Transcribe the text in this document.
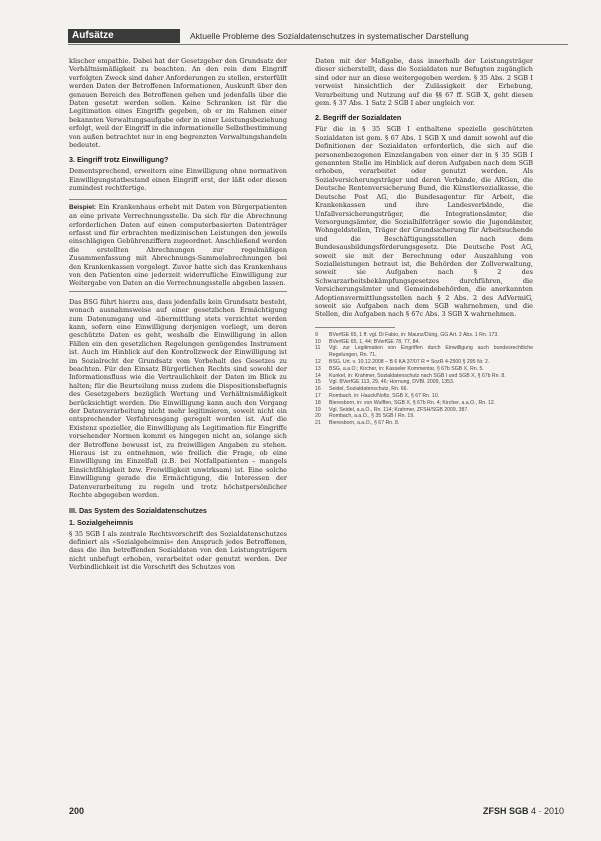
Aufsätze	Aktuelle Probleme des Sozialdatenschutzes in systematischer Darstellung

klischer empathie. Dabei hat der Gesetzgeber den Grundsatz der Verhältnismäßigkeit zu beachten. An den rein dem Eingriff verfolgten Zweck sind daher Anforderungen zu stellen, ersterfüllt werden Daten der Betroffenen Informationen, Auskunft über den genauen Bereich des Betroffenen gehen und jedenfalls über die Daten gesetzt werden sollen. Keine Schranken ist für die Legitimation eines Eingriffs gegeben, ob er im Rahmen einer bekannten Verwaltungsaufgabe oder in einer Leistungsbeziehung erfolgt, weil der Eingriff in die informationelle Selbstbestimmung von außen betrachtet nur in eng begrenzten Verwaltungshandeln bedeutet.

3. Eingriff trotz Einwilligung?

Dementsprechend, erweitern eine Einwilligung ohne normativen Einwilligungstatbestand einen Eingriff erst, der läßt oder diesen zumindest rechtfertige.

Beispiel: Ein Krankenhaus erhebt mit Daten von Bürgerpatienten an eine private Verrechnungsstelle. Da sich für die Abrechnung erforderlichen Daten auf einen computerbasierten Datenträger erfasst und für erbrachten medizinischen Leistungen den jeweils einschlägigen Gebührenziffern zugeordnet. Anschließend werden die erstellten Abrechnungen zur regelmäßigen Zusammenfassung mit Abrechnungs-Sammelabrechnungen bei den Krankenkassen vorgelegt. Zuvor hatte sich das Krankenhaus von den Patienten eine jederzeit widerrufliche Einwilligung zur Weitergabe von Daten an die Verrechnungsstelle abgeben lassen.

Das BSG führt hierzu aus, dass jedenfalls kein Grundsatz besteht, wonach ausnahmsweise auf einer gesetzlichen Ermächtigung zum Datenumgang und -übermittlung stets verzichtet werden kann, sofern eine Einwilligung derjenigen vorliegt, um deren geschützte Daten es geht, weshalb die Einwilligung in allen Fällen ein den gesetzlichen Regelungen genügendes Instrument ist. Auch im Hinblick auf den Kontrollzweck der Einwilligung ist im Sozialrecht der Grundsatz vom Vorbehalt des Gesetzes zu beachten. Für den Einsatz Bürgerlichen Rechts sind sowohl der Informationsfluss wie die Vertraulichkeit der Daten im Blick zu halten; für die Beurteilung muss zudem die Dispositionsbefugnis des Gesetzgebers bezüglich Wertung und Verhältnismäßigkeit berücksichtigt werden. Die Einwilligung kann auch den Vorgang der Datenverarbeitung nicht mehr legitimieren, soweit nicht ein entsprechender Verfahrensgang geregelt worden ist. Auf die Existenz spezieller, die Einwilligung als Legitimation für Eingriffe vorsehender Normen kommt es hingegen nicht an, solange sich der Betroffene bewusst ist, zu freiwilligen Angaben zu stehen. Hieraus ist zu entnehmen, wie freilich die Frage, ob eine Einwilligung im Einzelfall (z.B. bei Notfallpatienten – mangels Einsichtfähigkeit bzw. Freiwilligkeit unwirksam) ist. Eine solche Einwilligung gerade die Ermächtigung, die Interessen der Datenverarbeitung zu regeln und trotz höchstpersönlicher Rechte abgegeben werden.

III. Das System des Sozialdatenschutzes
1. Sozialgeheimnis

§ 35 SGB I als zentrale Rechtsvorschrift des Sozialdatenschutzes definiert als »Sozialgeheimnis« den Anspruch jedes Betroffenen, dass die ihn betreffenden Sozialdaten von den Leistungsträgern nicht unbefugt erhoben, verarbeitet oder genutzt werden. Der Verbindlichkeit ist die Vorschrift des Schutzes von

Daten mit der Maßgabe, dass innerhalb der Leistungsträger dieser sicherstellt, dass die Sozialdaten nur Befugten zugänglich sind oder nur an diese weitergegeben werden. § 35 Abs. 2 SGB I verweist hinsichtlich der Zulässigkeit der Erhebung, Verarbeitung und Nutzung auf die §§ 67 ff. SGB X, geht diesen gem. § 37 Abs. 1 Satz 2 SGB I aber ungleich vor.

2. Begriff der Sozialdaten

Für die in § 35 SGB I enthaltene spezielle geschützten Sozialdaten ist gem. § 67 Abs. 1 SGB X und damit sowohl auf die Definitionen der Sozialdaten erforderlich, die sich auf die personenbezogenen Einzelangaben von einer der in § 35 SGB I genannten Stelle im Hinblick auf deren Aufgaben nach dem SGB erhoben, verarbeitet oder genutzt werden. Als Sozialversicherungsträger und deren Verbände, die ARGen, die Deutsche Rentenversicherung Bund, die Künstlersozialkasse, die Deutsche Post AG, die Bundesagentur für Arbeit, die Krankenkassen und ihre Landesverbände, die Unfallversicherungsträger, die Integrationsämter, die Versorgungsämter, die Sozialhilfeträger sowie die Jugendämter, Wohngeldstellen, Träger der Grundsicherung für Arbeitsuchende und die Beschäftigungsstellen nach dem Bundesausbildungsförderungsgesetz. Die Deutsche Post AG, soweit sie mit der Berechnung oder Auszahlung von Sozialleistungen betraut ist, die Behörden der Zollverwaltung, soweit sie Aufgaben nach § 2 des Schwarzarbeitsbekämpfungsgesetzes durchführen, die Versicherungsämter und Gemeindebehörden, die anerkannten Adoptionsvermittlungsstellen nach § 2 Abs. 2 des AdVermiG, soweit sie Aufgaben nach dem SGB wahrnehmen, und die Stellen, die Aufgaben nach § 67c Abs. 3 SGB X wahrnehmen.

9	BVerfGE 65, 1 ff. vgl. Di Fabio, in: Maunz/Dürig, GG Art. 2 Abs. 1 Rn. 173.
10	BVerfGE 65, 1, 44; BVerfGE 78, 77, 84.
11	Vgl. zur Legitimation von Eingriffen durch Einwilligung auch bundesrechtliche Regelungen, Rn. 71.
12	BSG, Urt. v. 10.12.2008 – B 6 KA 37/07 R = SozR 4-2500 § 295 Nr. 2.
13	BSG, a.a.O.; Kircher, in: Kasseler Kommentar, § 67b SGB X, Rn. 5.
14	Kunkel, in: Krahmer, Sozialdatenschutz nach SGB I und SGB X, § 67b Rn. 8.
15	Vgl. BVerfGE 113, 29, 46; Hornung, DVBl. 2009, 1353.
16	Seidel, Sozialdatenschutz, Rn. 66.
17	Rombach, in: Hauck/Noftz, SGB X, § 67 Rn. 10.
18	Bieresborn, in: von Wulffen, SGB X, § 67b Rn. 4; Kircher, a.a.O., Rn. 12.
19	Vgl. Seidel, a.a.O., Rn. 114; Krahmer, ZFSH/SGB 2009, 387.
20	Rombach, a.a.O., § 35 SGB I Rn. 19.
21	Bieresborn, a.a.O., § 67 Rn. 8.
200	ZFSH SGB 4 · 2010
